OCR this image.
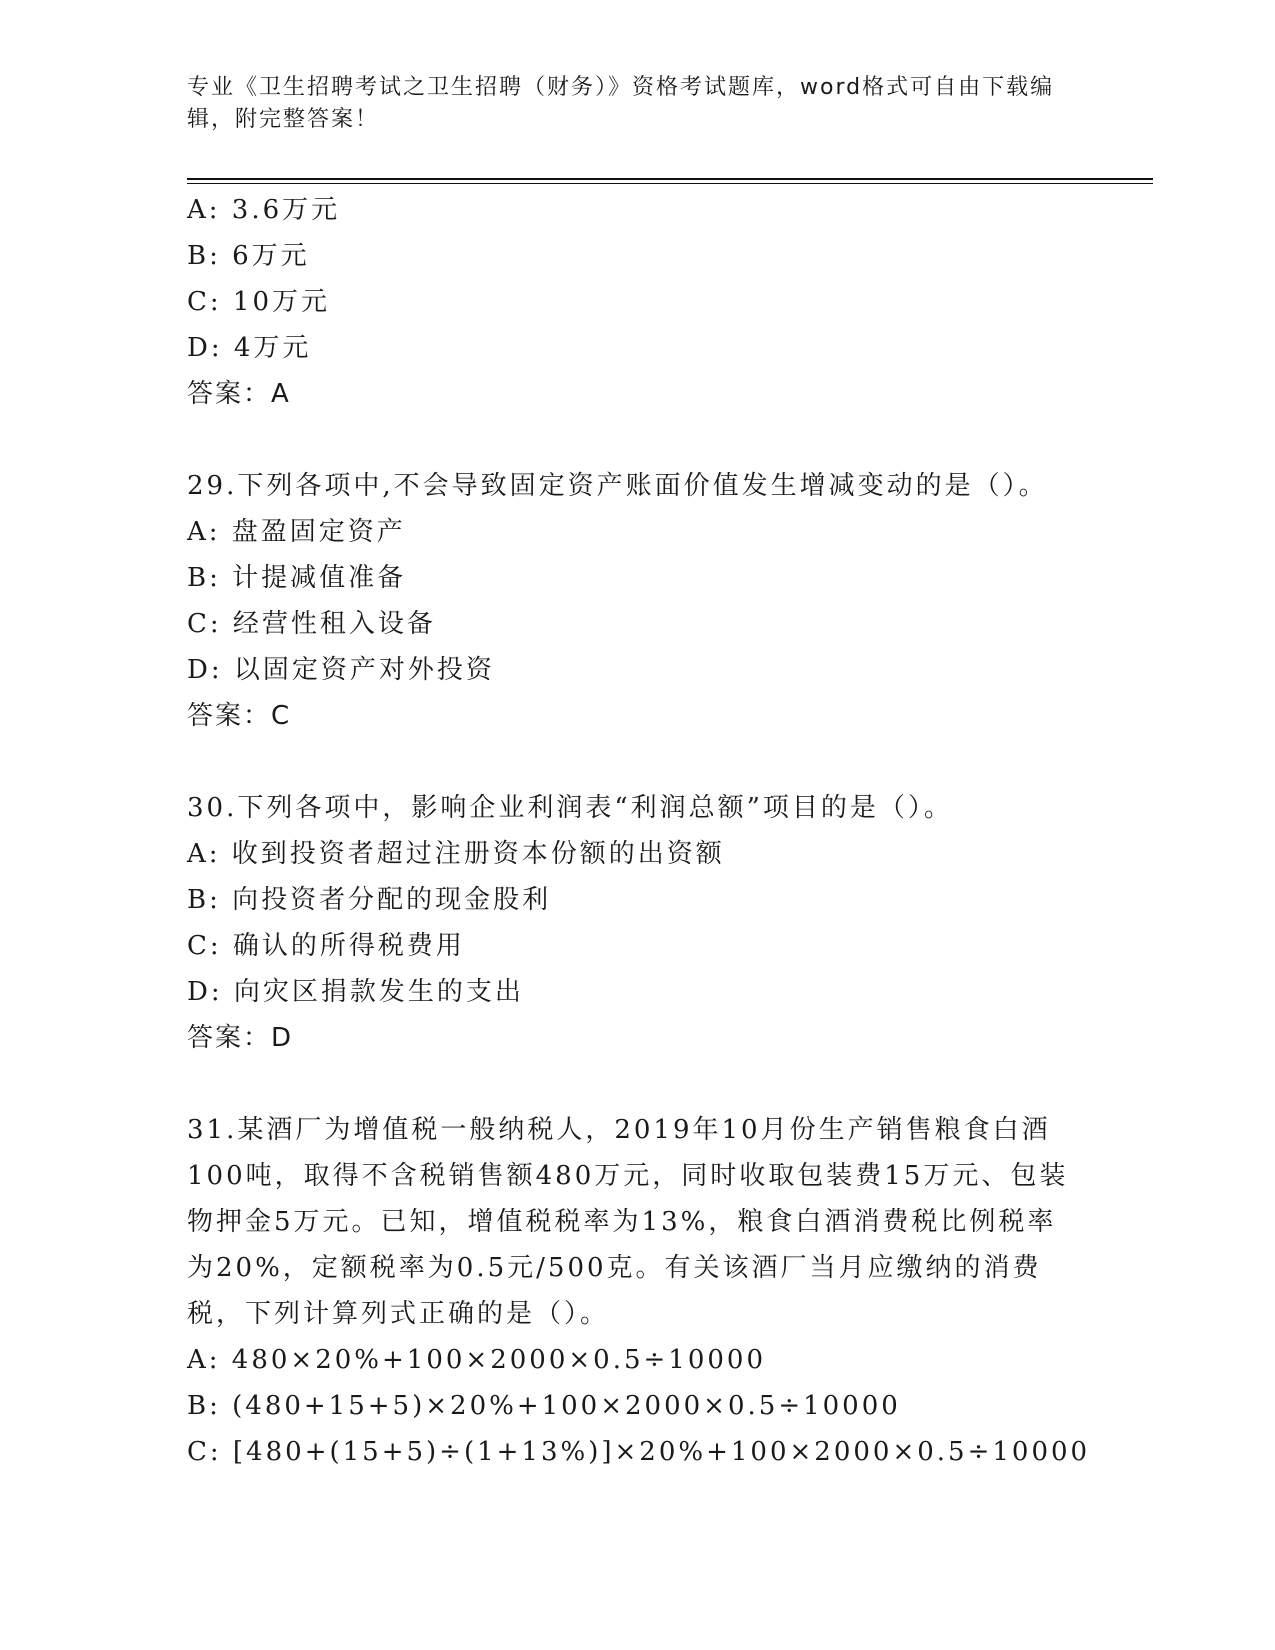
专业《卫生招聘考试之卫生招聘（财务）》资格考试题库，word格式可自由下载编辑，附完整答案！
A: 3.6万元
B: 6万元
C: 10万元
D: 4万元
答案：A
29.下列各项中,不会导致固定资产账面价值发生增减变动的是（）。
A: 盘盈固定资产
B: 计提减值准备
C: 经营性租入设备
D: 以固定资产对外投资
答案：C
30.下列各项中，影响企业利润表“利润总额”项目的是（）。
A: 收到投资者超过注册资本份额的出资额
B: 向投资者分配的现金股利
C: 确认的所得税费用
D: 向灾区捐款发生的支出
答案：D
31.某酒厂为增值税一般纳税人，2019年10月份生产销售粮食白酒
100吨，取得不含税销售额480万元，同时收取包装费15万元、包装
物押金5万元。已知，增值税税率为13%，粮食白酒消费税比例税率
为20%，定额税率为0.5元/500克。有关该酒厂当月应缴纳的消费
税，下列计算列式正确的是（）。
A: 480×20%+100×2000×0.5÷10000
B: (480+15+5)×20%+100×2000×0.5÷10000
C: [480+(15+5)÷(1+13%)]×20%+100×2000×0.5÷10000
